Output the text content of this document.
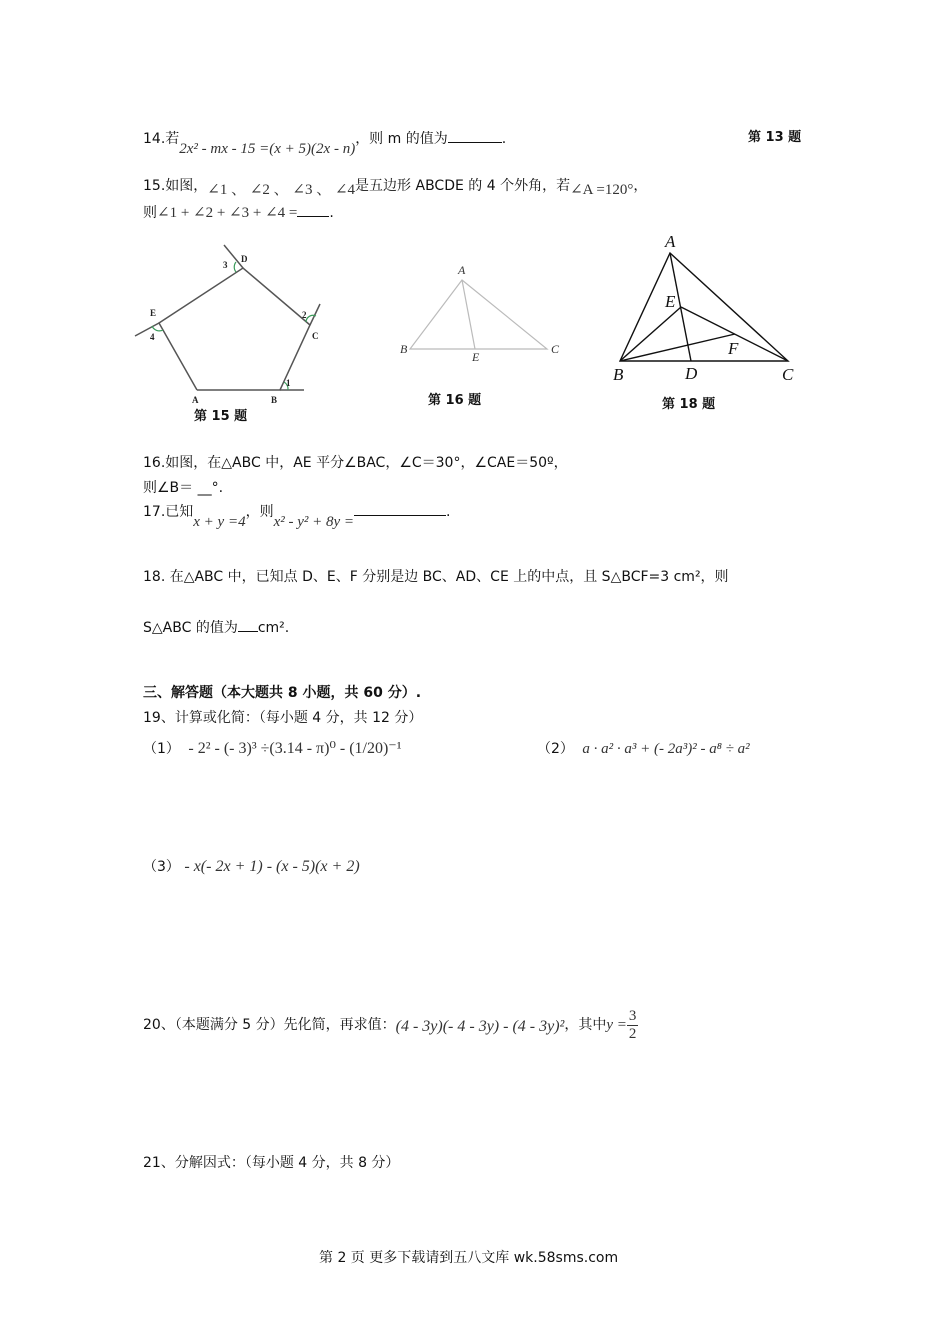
14.若2x² - mx - 15 =(x + 5)(2x - n)，则 m 的值为	.	第 13 题
15.如图，∠1 、 ∠2 、 ∠3 、 ∠4是五边形 ABCDE 的 4 个外角，若∠A =120°，
则∠1 + ∠2 + ∠3 + ∠4 = .
A	B
C
D
E
1
2
3
4
第 15 题
A
B	C
E
第 16 题
A
B	C
D
E
F
第 18 题
16.如图，在△ABC 中，AE 平分∠BAC，∠C＝30°，∠CAE＝50º，
则∠B＝ __°.
17.已知x + y =4，则x² - y² + 8y =.
18. 在△ABC 中，已知点 D、E、F 分别是边 BC、AD、CE 上的中点，且 S△BCF=3 cm²，则
S△ABC 的值为 cm².
三、解答题（本大题共 8 小题，共 60 分）.
19、计算或化简：（每小题 4 分，共 12 分）
（1） - 2² - (- 3)³ ÷(3.14 - π)⁰ - (1/20)⁻¹	（2） a · a² · a³ + (- 2a³)² - a⁸ ÷ a²
（3） - x(- 2x + 1) - (x - 5)(x + 2)
20、（本题满分 5 分）先化简，再求值：(4 - 3y)(- 4 - 3y) - (4 - 3y)²，其中$y = \frac{3}{2}$
21、分解因式：（每小题 4 分，共 8 分）
第 2 页 更多下载请到五八文库 wk.58sms.com
